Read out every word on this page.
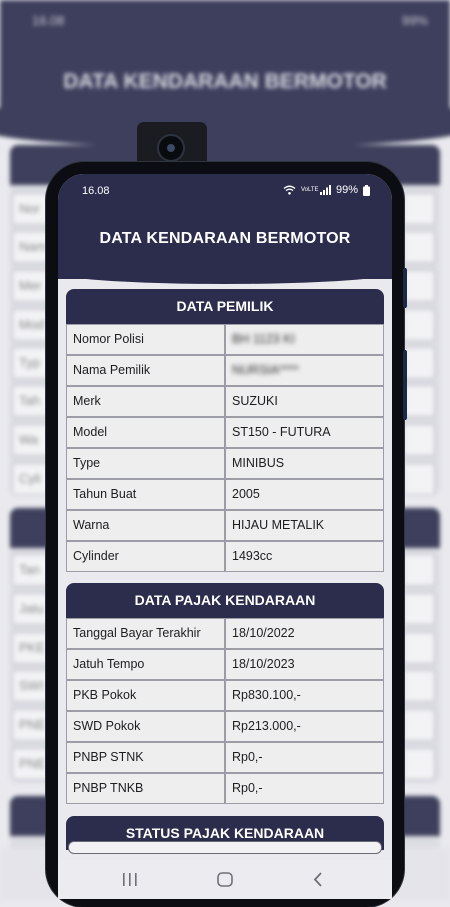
16.08	99%
DATA KENDARAAN BERMOTOR
Nor
Nam
Mer
Mod
Typ
Tah
Wa
Cyli
Tan
Jatu
PKE
SWI
PNE
PNE
16.08	VoLTE 99%
DATA KENDARAAN BERMOTOR
DATA PEMILIK
Nomor Polisi	BH 1123 KI
Nama Pemilik	NURSIA****
Merk	SUZUKI
Model	ST150 - FUTURA
Type	MINIBUS
Tahun Buat	2005
Warna	HIJAU METALIK
Cylinder	1493cc
DATA PAJAK KENDARAAN
Tanggal Bayar Terakhir	18/10/2022
Jatuh Tempo	18/10/2023
PKB Pokok	Rp830.100,-
SWD Pokok	Rp213.000,-
PNBP STNK	Rp0,-
PNBP TNKB	Rp0,-
STATUS PAJAK KENDARAAN
